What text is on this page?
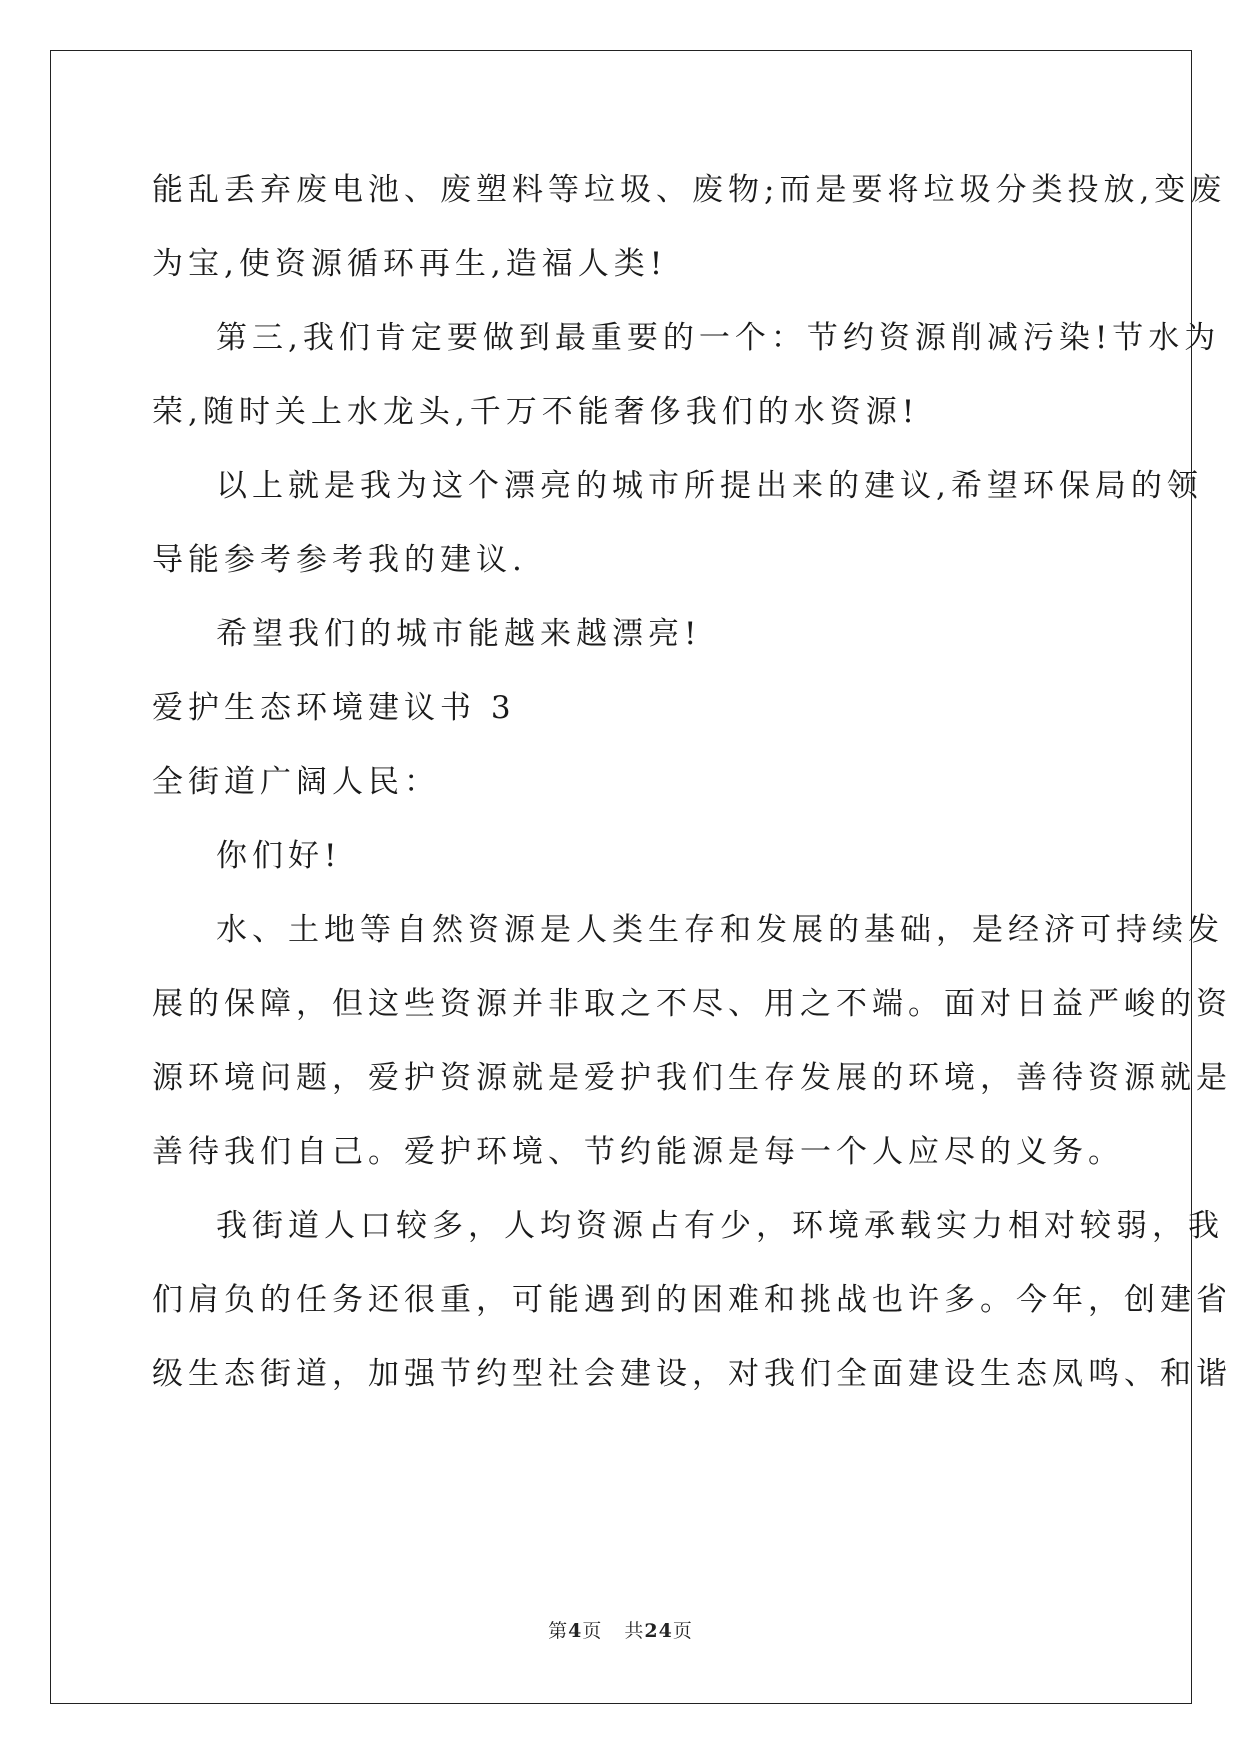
能乱丢弃废电池、废塑料等垃圾、废物;而是要将垃圾分类投放,变废
为宝,使资源循环再生,造福人类!
第三,我们肯定要做到最重要的一个：节约资源削减污染!节水为
荣,随时关上水龙头,千万不能奢侈我们的水资源!
以上就是我为这个漂亮的城市所提出来的建议,希望环保局的领
导能参考参考我的建议.
希望我们的城市能越来越漂亮!
爱护生态环境建议书 3
全街道广阔人民：
你们好!
水、土地等自然资源是人类生存和发展的基础，是经济可持续发
展的保障，但这些资源并非取之不尽、用之不端。面对日益严峻的资
源环境问题，爱护资源就是爱护我们生存发展的环境，善待资源就是
善待我们自己。爱护环境、节约能源是每一个人应尽的义务。
我街道人口较多，人均资源占有少，环境承载实力相对较弱，我
们肩负的任务还很重，可能遇到的困难和挑战也许多。今年，创建省
级生态街道，加强节约型社会建设，对我们全面建设生态凤鸣、和谐
第4页 共24页
